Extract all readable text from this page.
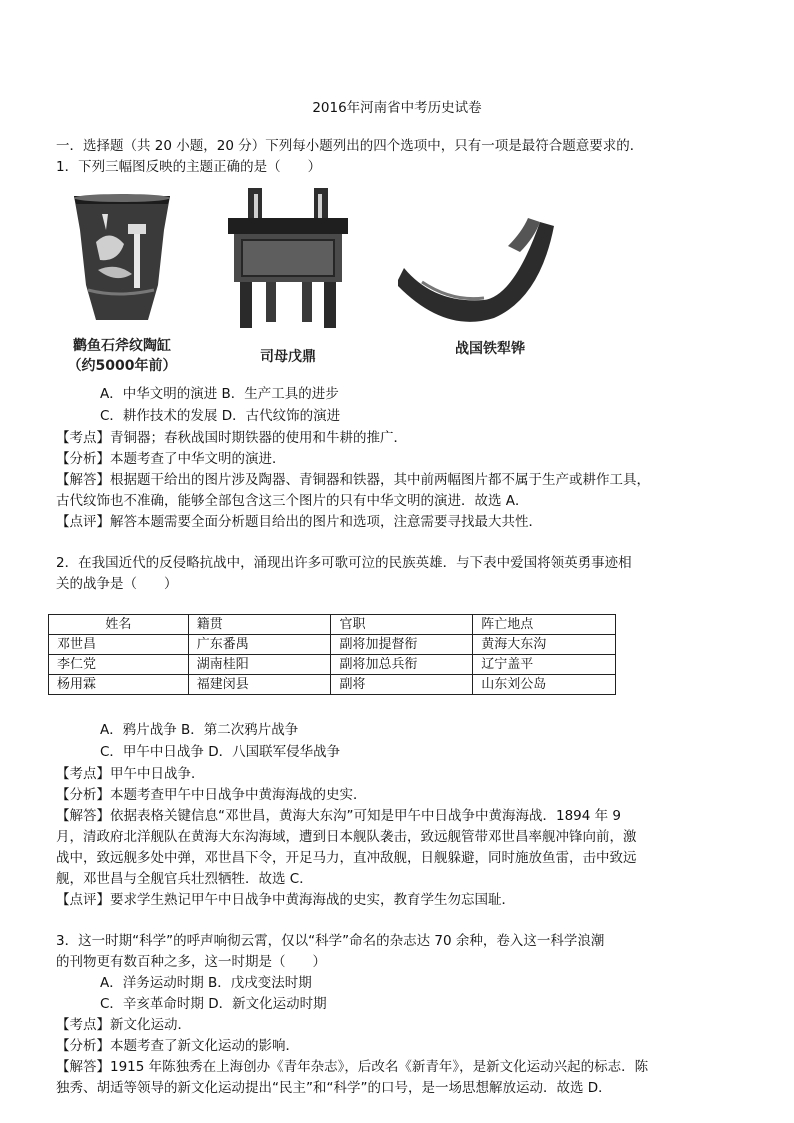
2016年河南省中考历史试卷
一．选择题（共 20 小题，20 分）下列每小题列出的四个选项中，只有一项是最符合题意要求的．
1．下列三幅图反映的主题正确的是（　　）
鹳鱼石斧纹陶缸
（约5000年前）
司母戊鼎	战国铁犁铧
A．中华文明的演进 B．生产工具的进步
C．耕作技术的发展 D．古代纹饰的演进
【考点】青铜器；春秋战国时期铁器的使用和牛耕的推广．
【分析】本题考查了中华文明的演进．
【解答】根据题干给出的图片涉及陶器、青铜器和铁器，其中前两幅图片都不属于生产或耕作工具，
古代纹饰也不准确，能够全部包含这三个图片的只有中华文明的演进．故选 A．
【点评】解答本题需要全面分析题目给出的图片和选项，注意需要寻找最大共性．
2．在我国近代的反侵略抗战中，涌现出许多可歌可泣的民族英雄．与下表中爱国将领英勇事迹相
关的战争是（　　）
姓名	籍贯	官职	阵亡地点
邓世昌	广东番禺	副将加提督衔	黄海大东沟
李仁党	湖南桂阳	副将加总兵衔	辽宁盖平
杨用霖	福建闵县	副将	山东刘公岛
A．鸦片战争 B．第二次鸦片战争
C．甲午中日战争 D．八国联军侵华战争
【考点】甲午中日战争．
【分析】本题考查甲午中日战争中黄海海战的史实．
【解答】依据表格关键信息“邓世昌，黄海大东沟”可知是甲午中日战争中黄海海战．1894 年 9
月，清政府北洋舰队在黄海大东沟海域，遭到日本舰队袭击，致远舰管带邓世昌率舰冲锋向前，激
战中，致远舰多处中弹，邓世昌下令，开足马力，直冲敌舰，日舰躲避，同时施放鱼雷，击中致远
舰，邓世昌与全舰官兵壮烈牺牲．故选 C．
【点评】要求学生熟记甲午中日战争中黄海海战的史实，教育学生勿忘国耻．
3．这一时期“科学”的呼声响彻云霄，仅以“科学”命名的杂志达 70 余种，卷入这一科学浪潮
的刊物更有数百种之多，这一时期是（　　）
A．洋务运动时期 B．戊戌变法时期
C．辛亥革命时期 D．新文化运动时期
【考点】新文化运动．
【分析】本题考查了新文化运动的影响．
【解答】1915 年陈独秀在上海创办《青年杂志》，后改名《新青年》，是新文化运动兴起的标志．陈
独秀、胡适等领导的新文化运动提出“民主”和“科学”的口号，是一场思想解放运动．故选 D．
